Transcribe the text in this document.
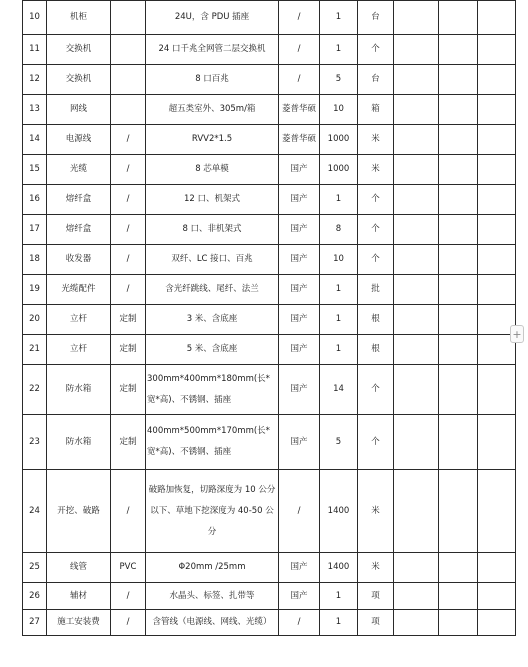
10	机柜		24U，含 PDU 插座	/	1	台			
11	交换机		24 口千兆全网管二层交换机	/	1	个			
12	交换机		8 口百兆	/	5	台			
13	网线		超五类室外、305m/箱	菱普华硕	10	箱			
14	电源线	/	RVV2*1.5	菱普华硕	1000	米			
15	光缆	/	8 芯单模	国产	1000	米			
16	熔纤盒	/	12 口、机架式	国产	1	个			
17	熔纤盒	/	8 口、非机架式	国产	8	个			
18	收发器	/	双纤、LC 接口、百兆	国产	10	个			
19	光缆配件	/	含光纤跳线、尾纤、法兰	国产	1	批			
20	立杆	定制	3 米、含底座	国产	1	根			
21	立杆	定制	5 米、含底座	国产	1	根			
22	防水箱	定制	300mm*400mm*180mm(长*宽*高)、不锈钢、插座	国产	14	个			
23	防水箱	定制	400mm*500mm*170mm(长*宽*高)、不锈钢、插座	国产	5	个			
24	开挖、破路	/	破路加恢复，切路深度为 10 公分以下、草地下挖深度为 40-50 公分	/	1400	米			
25	线管	PVC	Φ20mm /25mm	国产	1400	米			
26	辅材	/	水晶头、标签、扎带等	国产	1	项			
27	施工安装费	/	含管线（电源线、网线、光缆）	/	1	项			
+
